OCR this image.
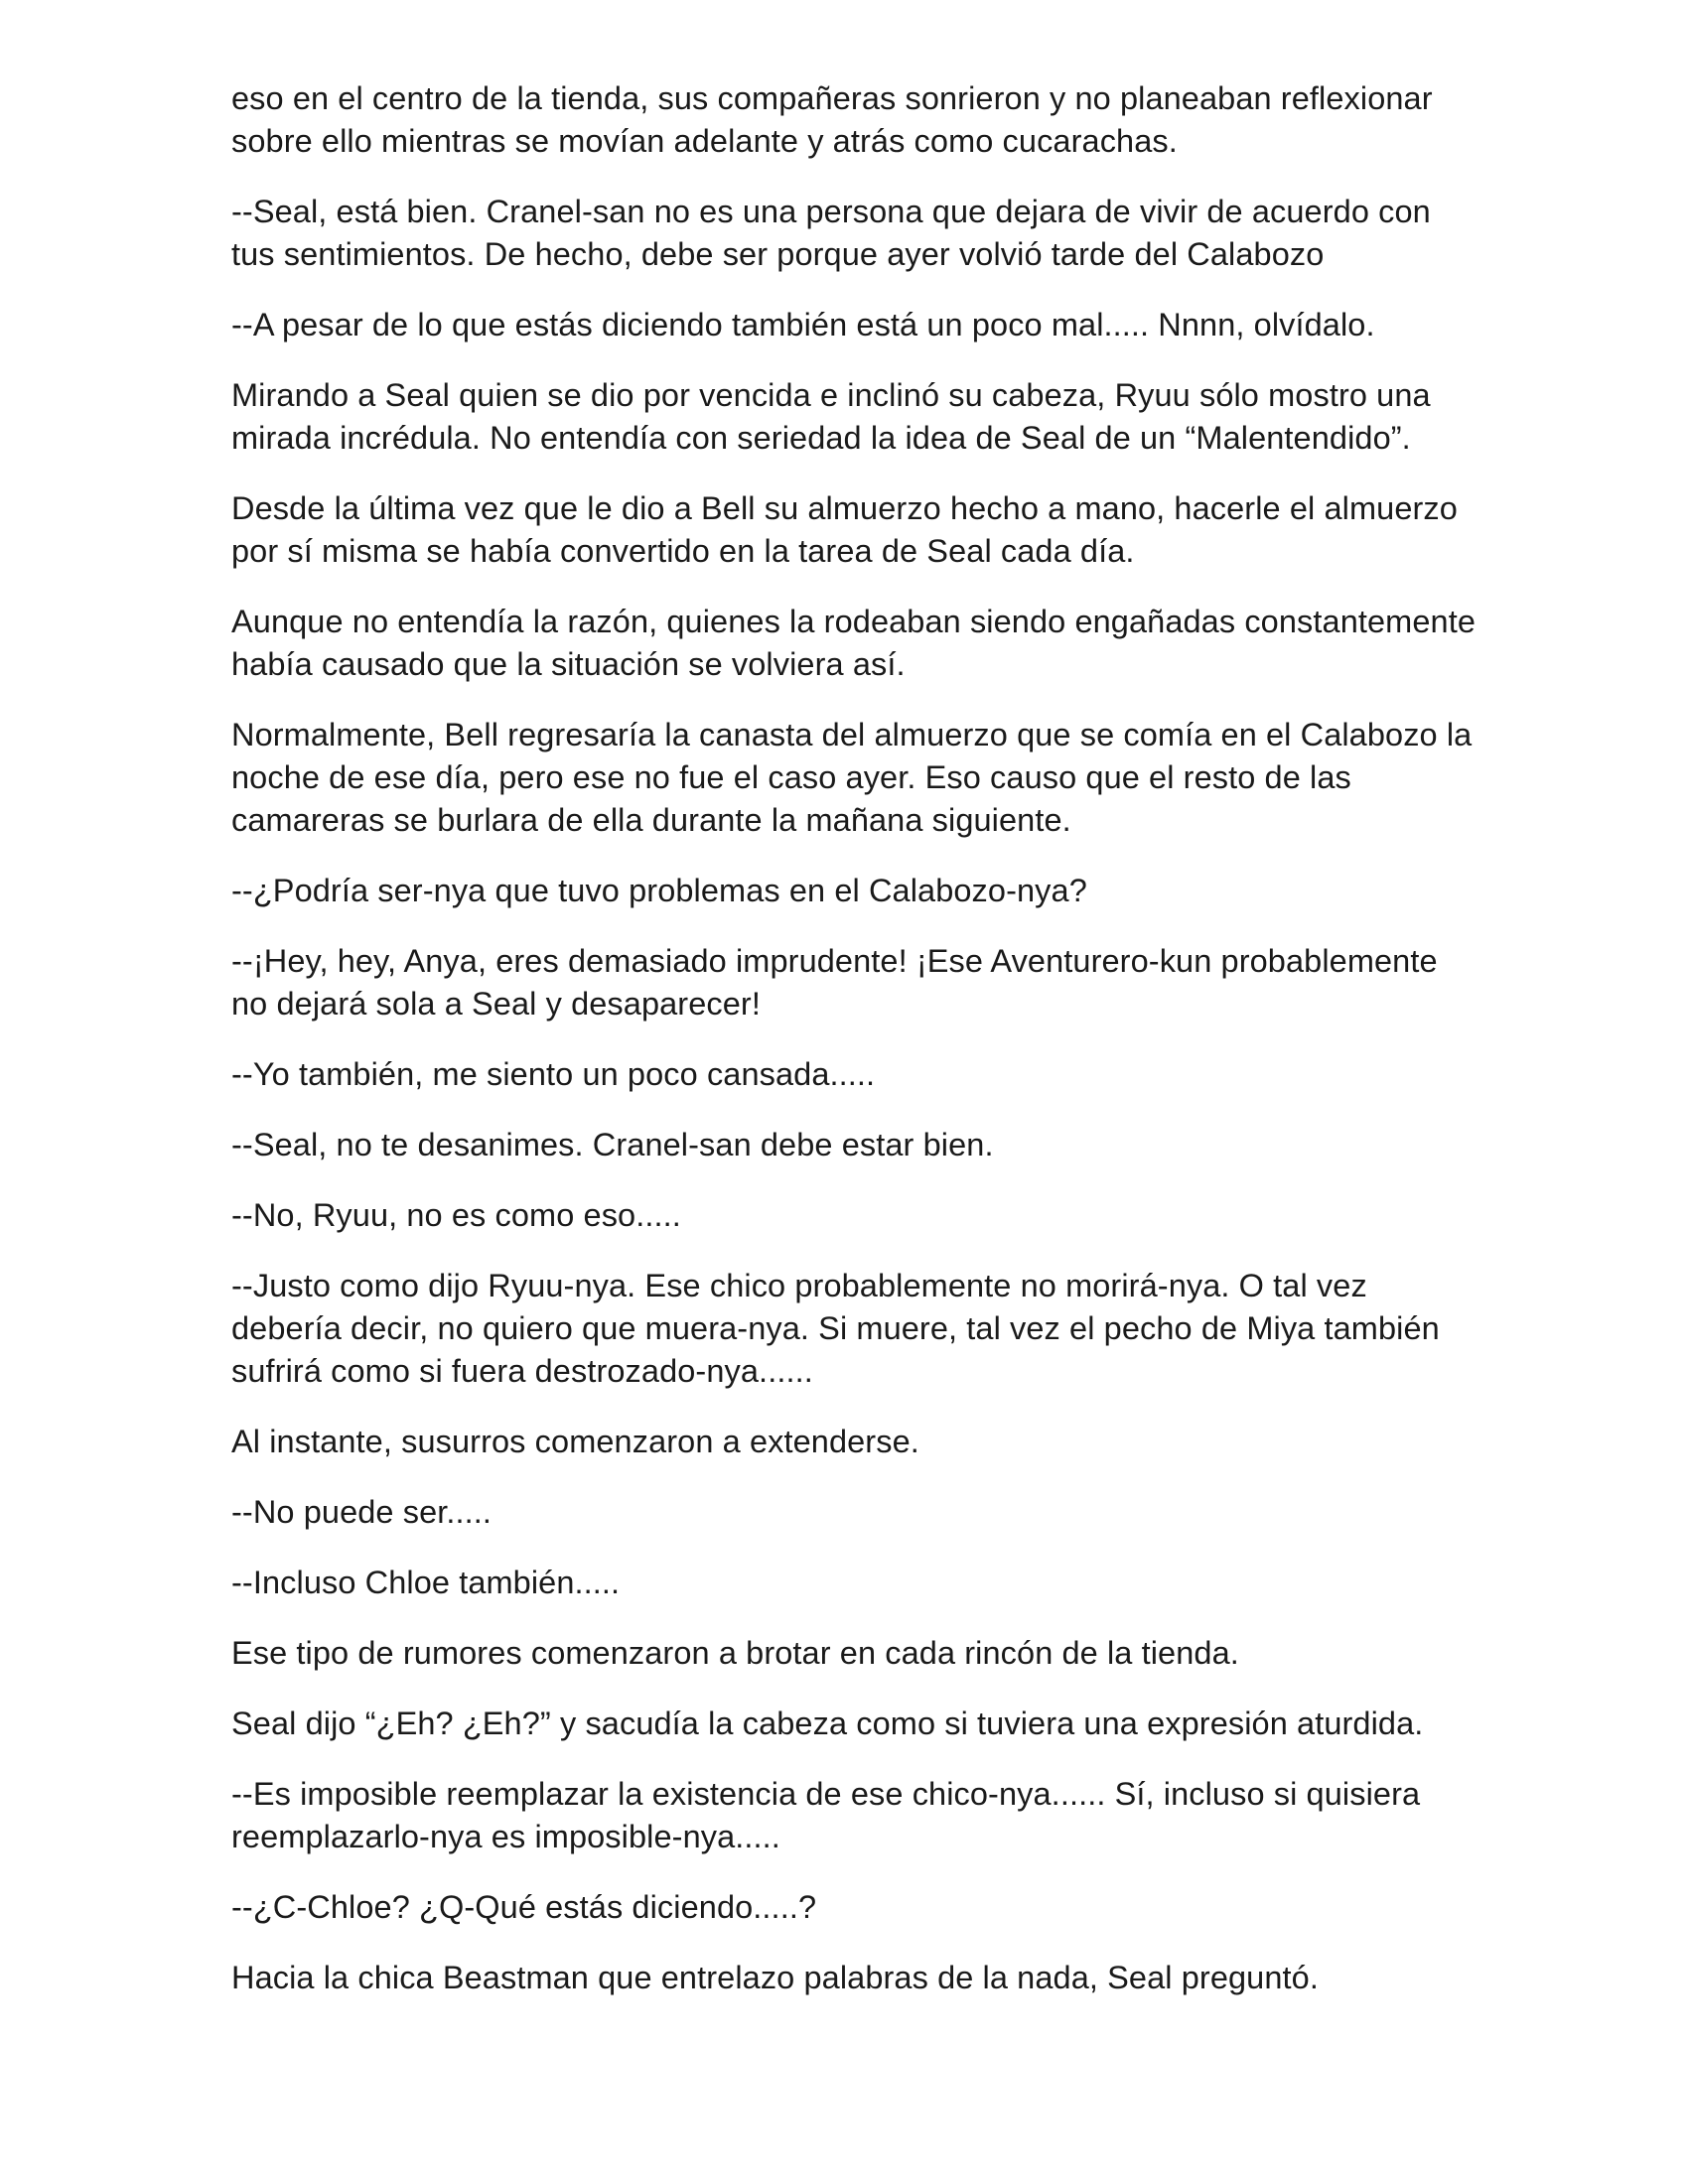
eso en el centro de la tienda, sus compañeras sonrieron y no planeaban reflexionar sobre ello mientras se movían adelante y atrás como cucarachas.

--Seal, está bien. Cranel-san no es una persona que dejara de vivir de acuerdo con tus sentimientos. De hecho, debe ser porque ayer volvió tarde del Calabozo

--A pesar de lo que estás diciendo también está un poco mal..... Nnnn, olvídalo.

Mirando a Seal quien se dio por vencida e inclinó su cabeza, Ryuu sólo mostro una mirada incrédula. No entendía con seriedad la idea de Seal de un “Malentendido”.

Desde la última vez que le dio a Bell su almuerzo hecho a mano, hacerle el almuerzo por sí misma se había convertido en la tarea de Seal cada día.

Aunque no entendía la razón, quienes la rodeaban siendo engañadas constantemente había causado que la situación se volviera así.

Normalmente, Bell regresaría la canasta del almuerzo que se comía en el Calabozo la noche de ese día, pero ese no fue el caso ayer. Eso causo que el resto de las camareras se burlara de ella durante la mañana siguiente.

--¿Podría ser-nya que tuvo problemas en el Calabozo-nya?

--¡Hey, hey, Anya, eres demasiado imprudente! ¡Ese Aventurero-kun probablemente no dejará sola a Seal y desaparecer!

--Yo también, me siento un poco cansada.....

--Seal, no te desanimes. Cranel-san debe estar bien.

--No, Ryuu, no es como eso.....

--Justo como dijo Ryuu-nya. Ese chico probablemente no morirá-nya. O tal vez debería decir, no quiero que muera-nya. Si muere, tal vez el pecho de Miya también sufrirá como si fuera destrozado-nya......

Al instante, susurros comenzaron a extenderse.

--No puede ser.....

--Incluso Chloe también.....

Ese tipo de rumores comenzaron a brotar en cada rincón de la tienda.

Seal dijo “¿Eh? ¿Eh?” y sacudía la cabeza como si tuviera una expresión aturdida.

--Es imposible reemplazar la existencia de ese chico-nya...... Sí, incluso si quisiera reemplazarlo-nya es imposible-nya.....

--¿C-Chloe? ¿Q-Qué estás diciendo.....?

Hacia la chica Beastman que entrelazo palabras de la nada, Seal preguntó.
